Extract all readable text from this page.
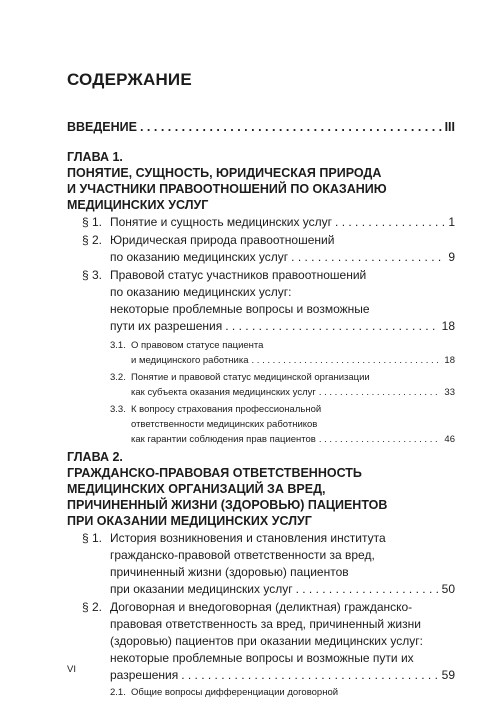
СОДЕРЖАНИЕ
ВВЕДЕНИЕ . . .	III
ГЛАВА 1.
ПОНЯТИЕ, СУЩНОСТЬ, ЮРИДИЧЕСКАЯ ПРИРОДА
И УЧАСТНИКИ ПРАВООТНОШЕНИЙ ПО ОКАЗАНИЮ
МЕДИЦИНСКИХ УСЛУГ
§ 1. Понятие и сущность медицинских услуг . . .	1
§ 2. Юридическая природа правоотношений
по оказанию медицинских услуг . . .	9
§ 3. Правовой статус участников правоотношений
по оказанию медицинских услуг:
некоторые проблемные вопросы и возможные
пути их разрешения . . .	18
3.1. О правовом статусе пациента
и медицинского работника . . .	18
3.2. Понятие и правовой статус медицинской организации
как субъекта оказания медицинских услуг . . .	33
3.3. К вопросу страхования профессиональной
ответственности медицинских работников
как гарантии соблюдения прав пациентов . . .	46
ГЛАВА 2.
ГРАЖДАНСКО-ПРАВОВАЯ ОТВЕТСТВЕННОСТЬ
МЕДИЦИНСКИХ ОРГАНИЗАЦИЙ ЗА ВРЕД,
ПРИЧИНЕННЫЙ ЖИЗНИ (ЗДОРОВЬЮ) ПАЦИЕНТОВ
ПРИ ОКАЗАНИИ МЕДИЦИНСКИХ УСЛУГ
§ 1. История возникновения и становления института
гражданско-правовой ответственности за вред,
причиненный жизни (здоровью) пациентов
при оказании медицинских услуг . . .	50
§ 2. Договорная и внедоговорная (деликтная) гражданско-
правовая ответственность за вред, причиненный жизни
(здоровью) пациентов при оказании медицинских услуг:
некоторые проблемные вопросы и возможные пути их
разрешения . . .	59
2.1. Общие вопросы дифференциации договорной
VI
